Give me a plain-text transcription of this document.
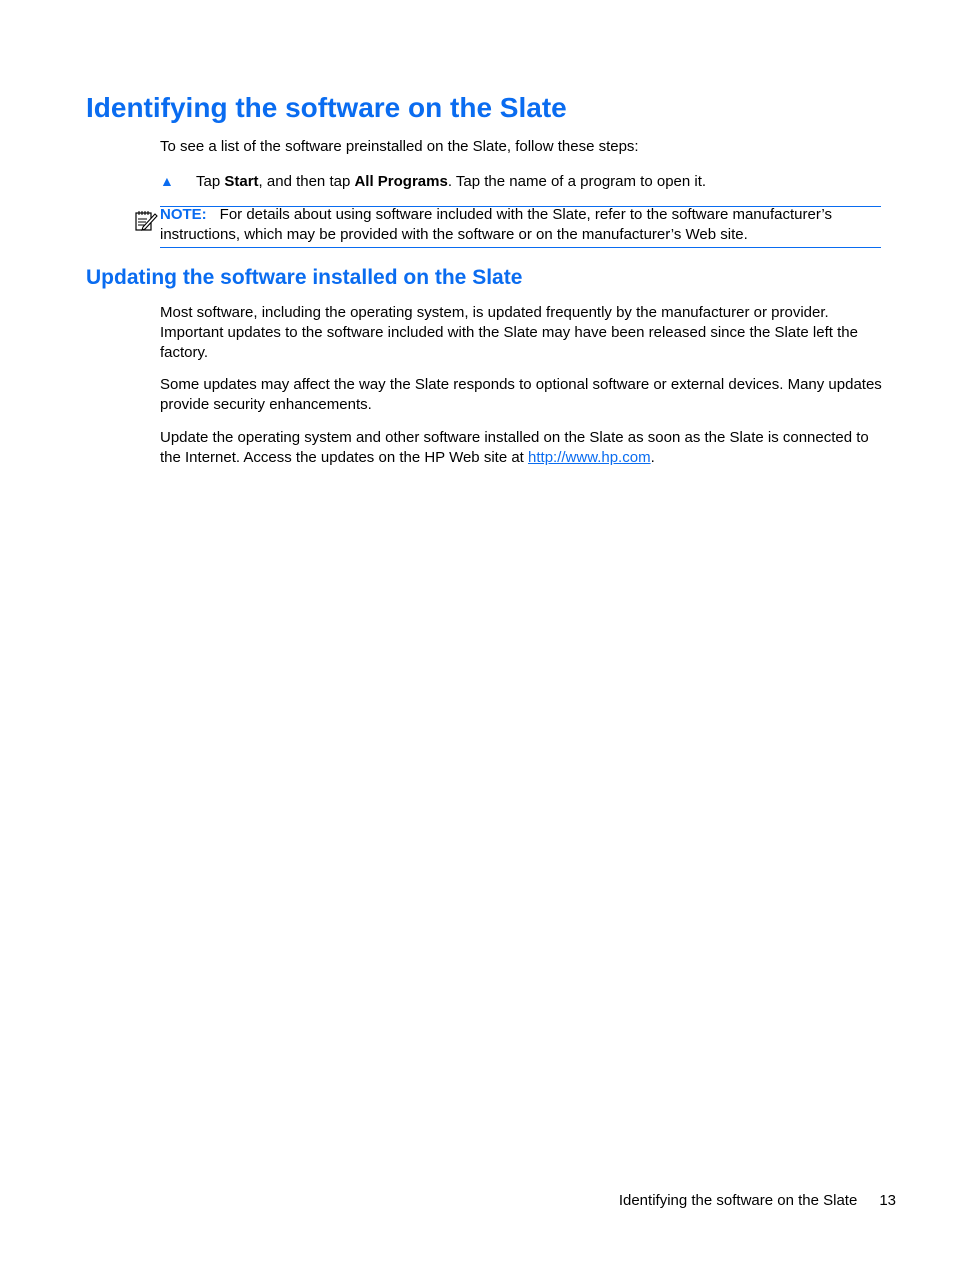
Identifying the software on the Slate

To see a list of the software preinstalled on the Slate, follow these steps:

▲ Tap Start, and then tap All Programs. Tap the name of a program to open it.

NOTE: For details about using software included with the Slate, refer to the software manufacturer’s instructions, which may be provided with the software or on the manufacturer’s Web site.

Updating the software installed on the Slate

Most software, including the operating system, is updated frequently by the manufacturer or provider. Important updates to the software included with the Slate may have been released since the Slate left the factory.

Some updates may affect the way the Slate responds to optional software or external devices. Many updates provide security enhancements.

Update the operating system and other software installed on the Slate as soon as the Slate is connected to the Internet. Access the updates on the HP Web site at http://www.hp.com.

Identifying the software on the Slate 13
